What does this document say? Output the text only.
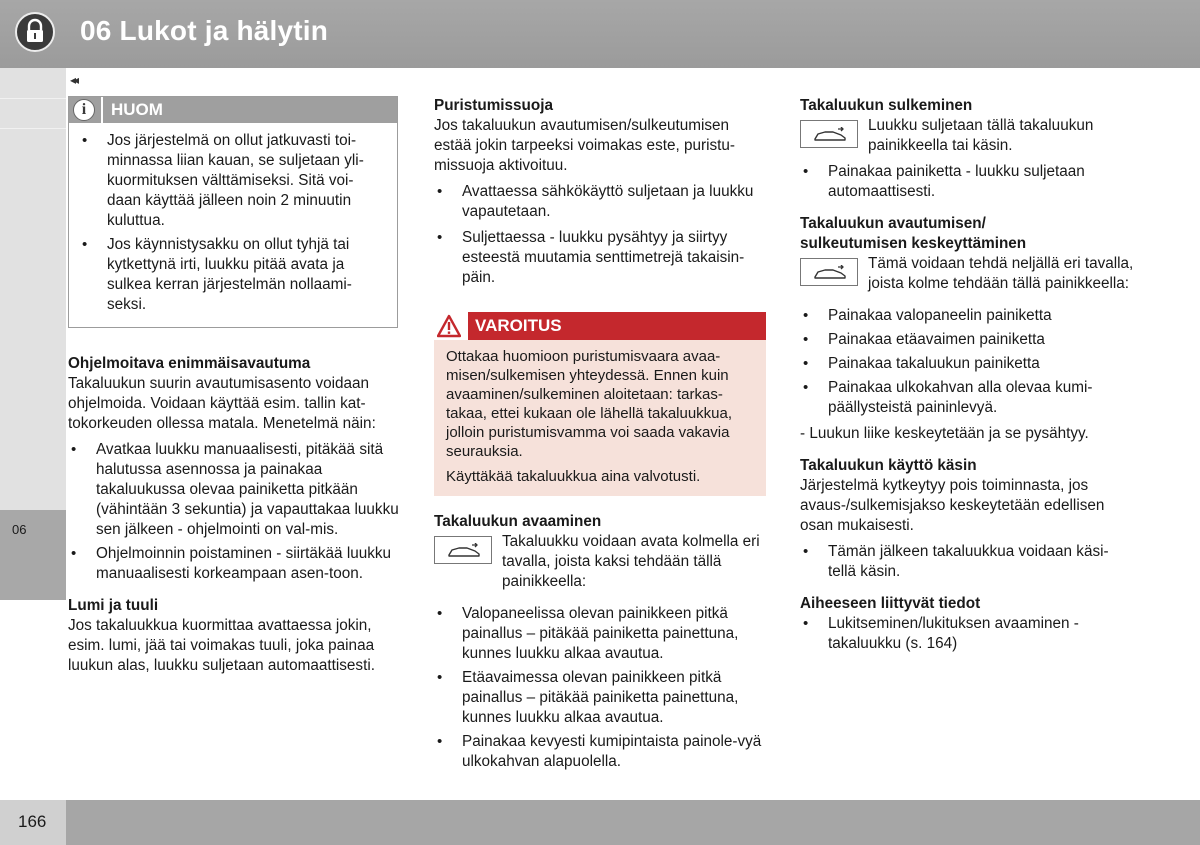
06 Lukot ja hälytin
06
◂◂
i	HUOM
• Jos järjestelmä on ollut jatkuvasti toi-minnassa liian kauan, se suljetaan yli-kuormituksen välttämiseksi. Sitä voi-daan käyttää jälleen noin 2 minuutin kuluttua.
• Jos käynnistysakku on ollut tyhjä tai kytkettynä irti, luukku pitää avata ja sulkea kerran järjestelmän nollaami-seksi.
Ohjelmoitava enimmäisavautuma

Takaluukun suurin avautumisasento voidaan ohjelmoida. Voidaan käyttää esim. tallin kat-tokorkeuden ollessa matala. Menetelmä näin:

• Avatkaa luukku manuaalisesti, pitäkää sitä halutussa asennossa ja painakaa takaluukussa olevaa painiketta pitkään (vähintään 3 sekuntia) ja vapauttakaa luukku sen jälkeen - ohjelmointi on val-mis.
• Ohjelmoinnin poistaminen - siirtäkää luukku manuaalisesti korkeampaan asen-toon.
Lumi ja tuuli

Jos takaluukkua kuormittaa avattaessa jokin, esim. lumi, jää tai voimakas tuuli, joka painaa luukun alas, luukku suljetaan automaattisesti.

Puristumissuoja

Jos takaluukun avautumisen/sulkeutumisen estää jokin tarpeeksi voimakas este, puristu-missuoja aktivoituu.

• Avattaessa sähkökäyttö suljetaan ja luukku vapautetaan.
• Suljettaessa - luukku pysähtyy ja siirtyy esteestä muutamia senttimetrejä takaisin-päin.
VAROITUS

Ottakaa huomioon puristumisvaara avaa-misen/sulkemisen yhteydessä. Ennen kuin avaaminen/sulkeminen aloitetaan: tarkas-takaa, ettei kukaan ole lähellä takaluukkua, jolloin puristumisvamma voi saada vakavia seurauksia.

Käyttäkää takaluukkua aina valvotusti.

Takaluukun avaaminen

Takaluukku voidaan avata kolmella eri tavalla, joista kaksi tehdään tällä painikkeella:

• Valopaneelissa olevan painikkeen pitkä painallus – pitäkää painiketta painettuna, kunnes luukku alkaa avautua.
• Etäavaimessa olevan painikkeen pitkä painallus – pitäkää painiketta painettuna, kunnes luukku alkaa avautua.
• Painakaa kevyesti kumipintaista painole-vyä ulkokahvan alapuolella.
Takaluukun sulkeminen

Luukku suljetaan tällä takaluukun painikkeella tai käsin.

• Painakaa painiketta - luukku suljetaan automaattisesti.
Takaluukun avautumisen/
sulkeutumisen keskeyttäminen

Tämä voidaan tehdä neljällä eri tavalla, joista kolme tehdään tällä painikkeella:

• Painakaa valopaneelin painiketta
• Painakaa etäavaimen painiketta
• Painakaa takaluukun painiketta
• Painakaa ulkokahvan alla olevaa kumi-päällysteistä paininlevyä.

- Luukun liike keskeytetään ja se pysähtyy.

Takaluukun käyttö käsin

Järjestelmä kytkeytyy pois toiminnasta, jos avaus-/sulkemisjakso keskeytetään edellisen osan mukaisesti.

• Tämän jälkeen takaluukkua voidaan käsi-tellä käsin.
Aiheeseen liittyvät tiedot
• Lukitseminen/lukituksen avaaminen - takaluukku (s. 164)
166
